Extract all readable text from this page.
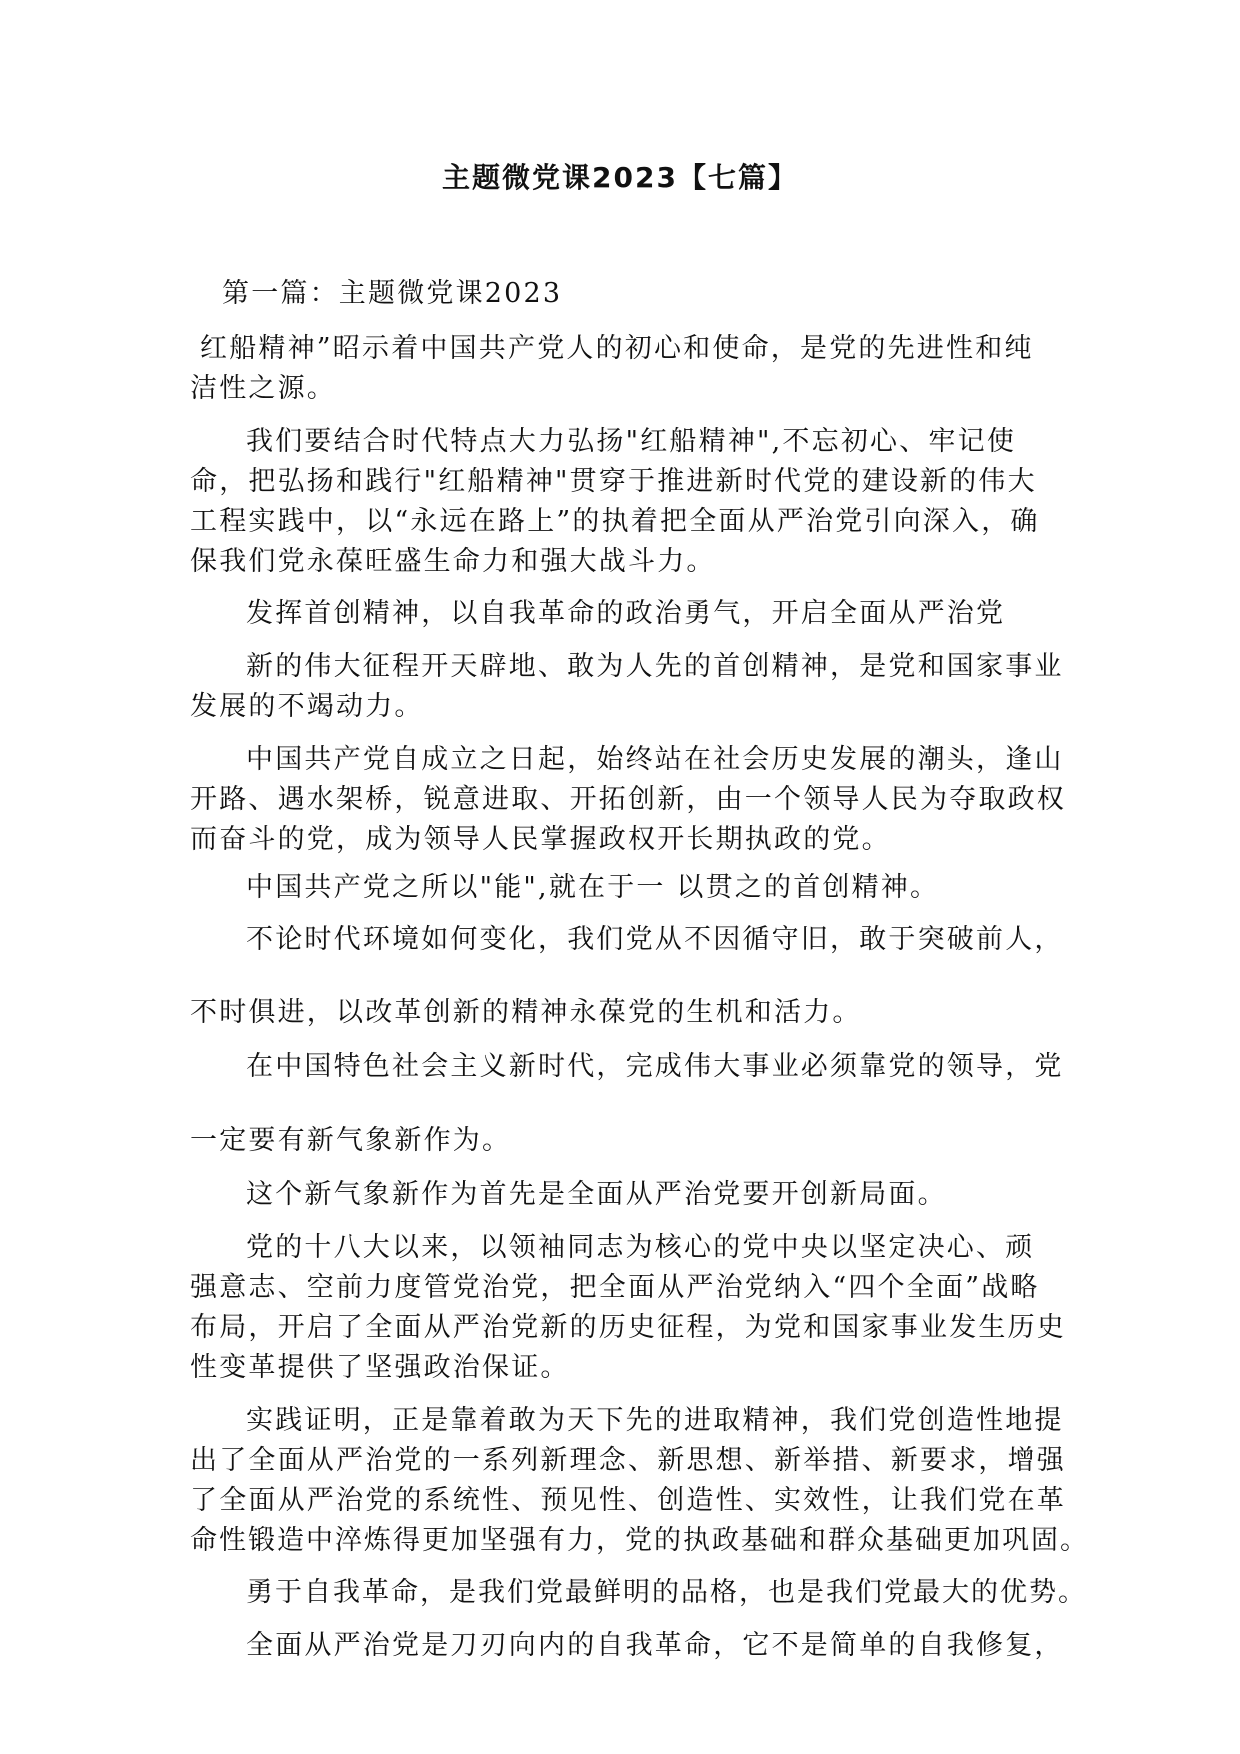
主题微党课2023【七篇】

第一篇：主题微党课2023

红船精神”昭示着中国共产党人的初心和使命，是党的先进性和纯

洁性之源。

我们要结合时代特点大力弘扬"红船精神",不忘初心、牢记使

命，把弘扬和践行"红船精神"贯穿于推进新时代党的建设新的伟大

工程实践中，以“永远在路上”的执着把全面从严治党引向深入，确

保我们党永葆旺盛生命力和强大战斗力。

发挥首创精神，以自我革命的政治勇气，开启全面从严治党

新的伟大征程开天辟地、敢为人先的首创精神，是党和国家事业

发展的不竭动力。

中国共产党自成立之日起，始终站在社会历史发展的潮头，逢山

开路、遇水架桥，锐意进取、开拓创新，由一个领导人民为夺取政权

而奋斗的党，成为领导人民掌握政权开长期执政的党。

中国共产党之所以"能",就在于一 以贯之的首创精神。

不论时代环境如何变化，我们党从不因循守旧，敢于突破前人，

不时俱进，以改革创新的精神永葆党的生机和活力。

在中国特色社会主义新时代，完成伟大事业必须靠党的领导，党

一定要有新气象新作为。

这个新气象新作为首先是全面从严治党要开创新局面。

党的十八大以来，以领袖同志为核心的党中央以坚定决心、顽

强意志、空前力度管党治党，把全面从严治党纳入“四个全面”战略

布局，开启了全面从严治党新的历史征程，为党和国家事业发生历史

性变革提供了坚强政治保证。

实践证明，正是靠着敢为天下先的进取精神，我们党创造性地提

出了全面从严治党的一系列新理念、新思想、新举措、新要求，增强

了全面从严治党的系统性、预见性、创造性、实效性，让我们党在革

命性锻造中淬炼得更加坚强有力，党的执政基础和群众基础更加巩固。

勇于自我革命，是我们党最鲜明的品格，也是我们党最大的优势。

全面从严治党是刀刃向内的自我革命，它不是简单的自我修复，
